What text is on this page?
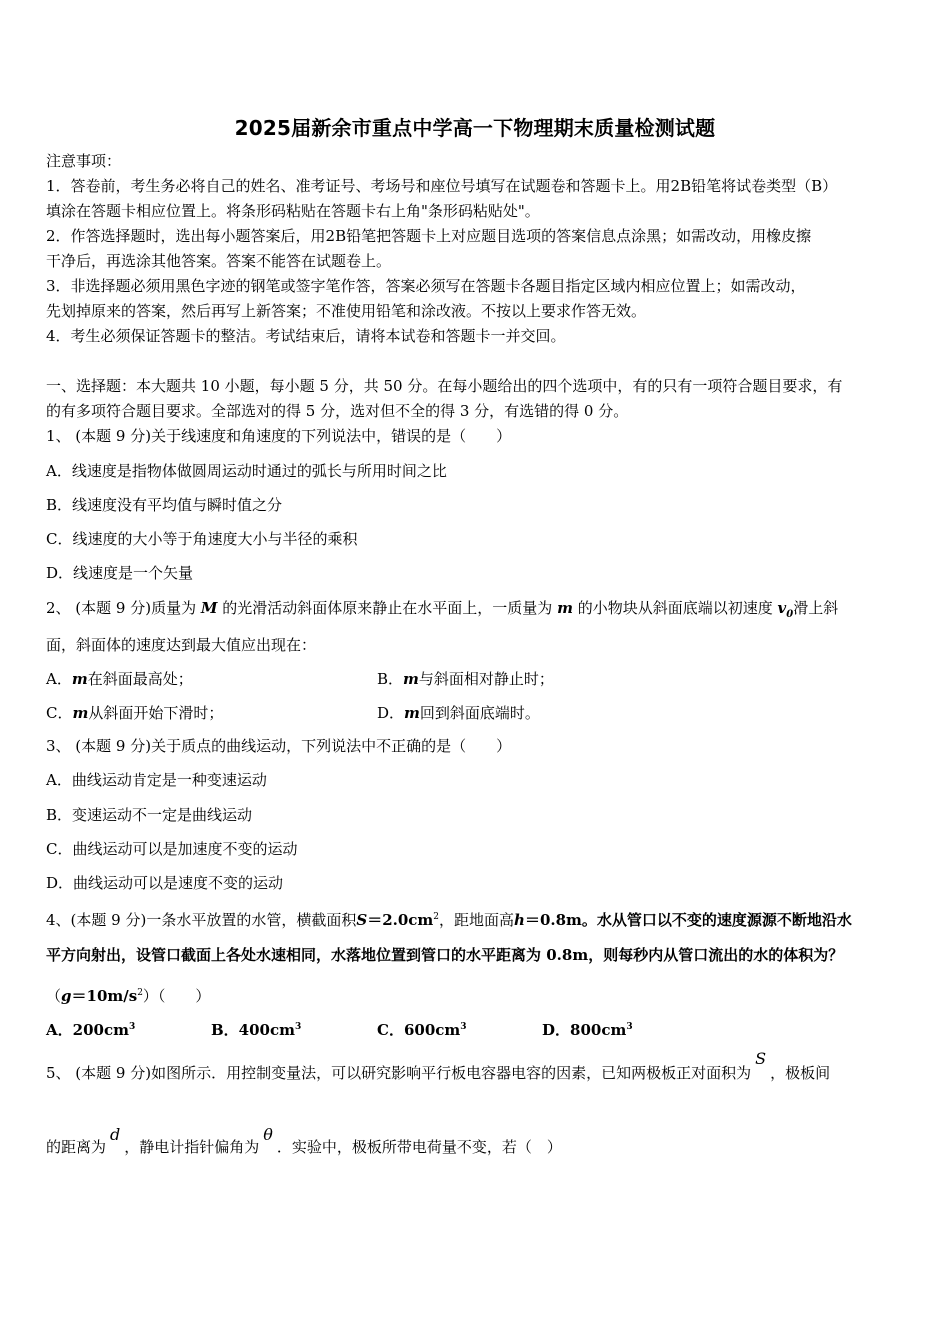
2025届新余市重点中学高一下物理期末质量检测试题
注意事项：
1．答卷前，考生务必将自己的姓名、准考证号、考场号和座位号填写在试题卷和答题卡上。用2B铅笔将试卷类型（B）
填涂在答题卡相应位置上。将条形码粘贴在答题卡右上角"条形码粘贴处"。
2．作答选择题时，选出每小题答案后，用2B铅笔把答题卡上对应题目选项的答案信息点涂黑；如需改动，用橡皮擦
干净后，再选涂其他答案。答案不能答在试题卷上。
3．非选择题必须用黑色字迹的钢笔或签字笔作答，答案必须写在答题卡各题目指定区域内相应位置上；如需改动，
先划掉原来的答案，然后再写上新答案；不准使用铅笔和涂改液。不按以上要求作答无效。
4．考生必须保证答题卡的整洁。考试结束后，请将本试卷和答题卡一并交回。
一、选择题：本大题共 10 小题，每小题 5 分，共 50 分。在每小题给出的四个选项中，有的只有一项符合题目要求，有
的有多项符合题目要求。全部选对的得 5 分，选对但不全的得 3 分，有选错的得 0 分。
1、 (本题 9 分)关于线速度和角速度的下列说法中，错误的是（　　）
A．线速度是指物体做圆周运动时通过的弧长与所用时间之比
B．线速度没有平均值与瞬时值之分
C．线速度的大小等于角速度大小与半径的乘积
D．线速度是一个矢量
2、 (本题 9 分)质量为 M 的光滑活动斜面体原来静止在水平面上，一质量为 m 的小物块从斜面底端以初速度 $v_0$滑上斜
面，斜面体的速度达到最大值应出现在：
A．m在斜面最高处；	B．m与斜面相对静止时；
C．m从斜面开始下滑时；	D．m回到斜面底端时。
3、 (本题 9 分)关于质点的曲线运动，下列说法中不正确的是（　　）
A．曲线运动肯定是一种变速运动
B．变速运动不一定是曲线运动
C．曲线运动可以是加速度不变的运动
D．曲线运动可以是速度不变的运动
4、(本题 9 分)一条水平放置的水管，横截面积$S=2.0cm^2$，距地面高h＝0.8m。水从管口以不变的速度源源不断地沿水
平方向射出，设管口截面上各处水速相同，水落地位置到管口的水平距离为 0.8m，则每秒内从管口流出的水的体积为？
$(g=10m/s^2)$（　　）
A．$200cm^3$	B．$400cm^3$	C．$600cm^3$	D．$800cm^3$
5、 (本题 9 分)如图所示．用控制变量法，可以研究影响平行板电容器电容的因素，已知两极板正对面积为S，极板间
的距离为d，静电计指针偏角为θ．实验中，极板所带电荷量不变，若（　）
